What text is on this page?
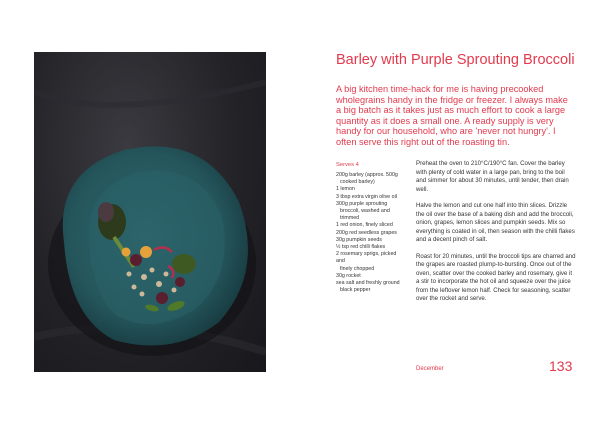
Barley with Purple Sprouting Broccoli
A big kitchen time-hack for me is having precooked wholegrains handy in the fridge or freezer. I always make a big batch as it takes just as much effort to cook a large quantity as it does a small one. A ready supply is very handy for our household, who are 'never not hungry'. I often serve this right out of the roasting tin.
Serves 4
200g barley (approx. 500g
cooked barley)
1 lemon
3 tbsp extra virgin olive oil
300g purple sprouting
broccoli, washed and trimmed
1 red onion, finely sliced
200g red seedless grapes
30g pumpkin seeds
½ tsp red chilli flakes
2 rosemary sprigs, picked and
finely chopped
30g rocket
sea salt and freshly ground
black pepper

Preheat the oven to 210°C/190°C fan. Cover the barley with plenty of cold water in a large pan, bring to the boil and simmer for about 30 minutes, until tender, then drain well.

Halve the lemon and cut one half into thin slices. Drizzle the oil over the base of a baking dish and add the broccoli, onion, grapes, lemon slices and pumpkin seeds. Mix so everything is coated in oil, then season with the chilli flakes and a decent pinch of salt.

Roast for 20 minutes, until the broccoli tips are charred and the grapes are roasted plump-to-bursting. Once out of the oven, scatter over the cooked barley and rosemary, give it a stir to incorporate the hot oil and squeeze over the juice from the leftover lemon half. Check for seasoning, scatter over the rocket and serve.

December	133
